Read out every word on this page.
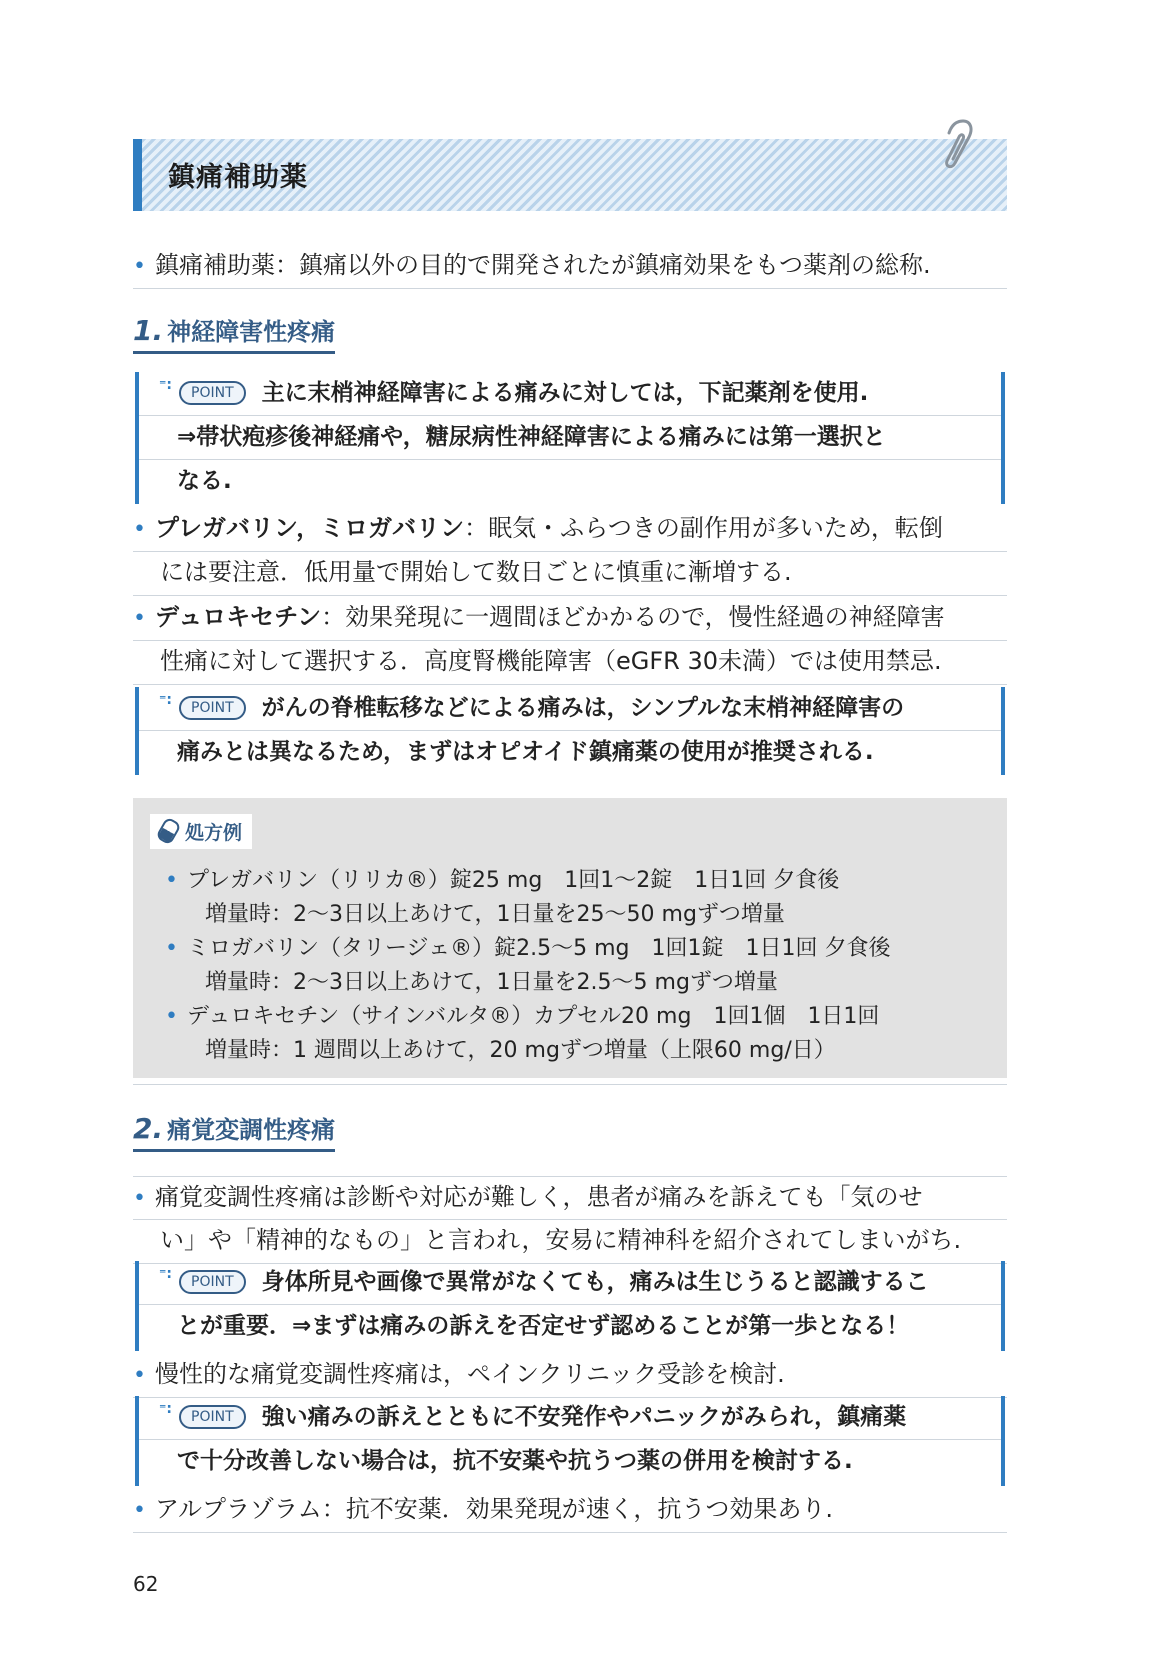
鎮痛補助薬
• 鎮痛補助薬：鎮痛以外の目的で開発されたが鎮痛効果をもつ薬剤の総称.
1. 神経障害性疼痛
⁼:	POINT 主に末梢神経障害による痛みに対しては，下記薬剤を使用.
⇒帯状疱疹後神経痛や，糖尿病性神経障害による痛みには第一選択と
なる.
• プレガバリン，ミロガバリン：眠気・ふらつきの副作用が多いため，転倒
には要注意．低用量で開始して数日ごとに慎重に漸増する.
• デュロキセチン：効果発現に一週間ほどかかるので，慢性経過の神経障害
性痛に対して選択する．高度腎機能障害（eGFR 30未満）では使用禁忌.
⁼:	POINT がんの脊椎転移などによる痛みは，シンプルな末梢神経障害の
痛みとは異なるため，まずはオピオイド鎮痛薬の使用が推奨される.
処方例
• プレガバリン（リリカ®）錠25 mg　1回1～2錠　1日1回 夕食後
増量時：2～3日以上あけて，1日量を25～50 mgずつ増量
• ミロガバリン（タリージェ®）錠2.5～5 mg　1回1錠　1日1回 夕食後
増量時：2～3日以上あけて，1日量を2.5～5 mgずつ増量
• デュロキセチン（サインバルタ®）カプセル20 mg　1回1個　1日1回
増量時：1 週間以上あけて，20 mgずつ増量（上限60 mg/日）
2. 痛覚変調性疼痛
• 痛覚変調性疼痛は診断や対応が難しく，患者が痛みを訴えても「気のせ
い」や「精神的なもの」と言われ，安易に精神科を紹介されてしまいがち.
⁼:	POINT 身体所見や画像で異常がなくても，痛みは生じうると認識するこ
とが重要．⇒まずは痛みの訴えを否定せず認めることが第一歩となる！
• 慢性的な痛覚変調性疼痛は，ペインクリニック受診を検討.
⁼:	POINT 強い痛みの訴えとともに不安発作やパニックがみられ，鎮痛薬
で十分改善しない場合は，抗不安薬や抗うつ薬の併用を検討する.
• アルプラゾラム：抗不安薬．効果発現が速く，抗うつ効果あり.
62
